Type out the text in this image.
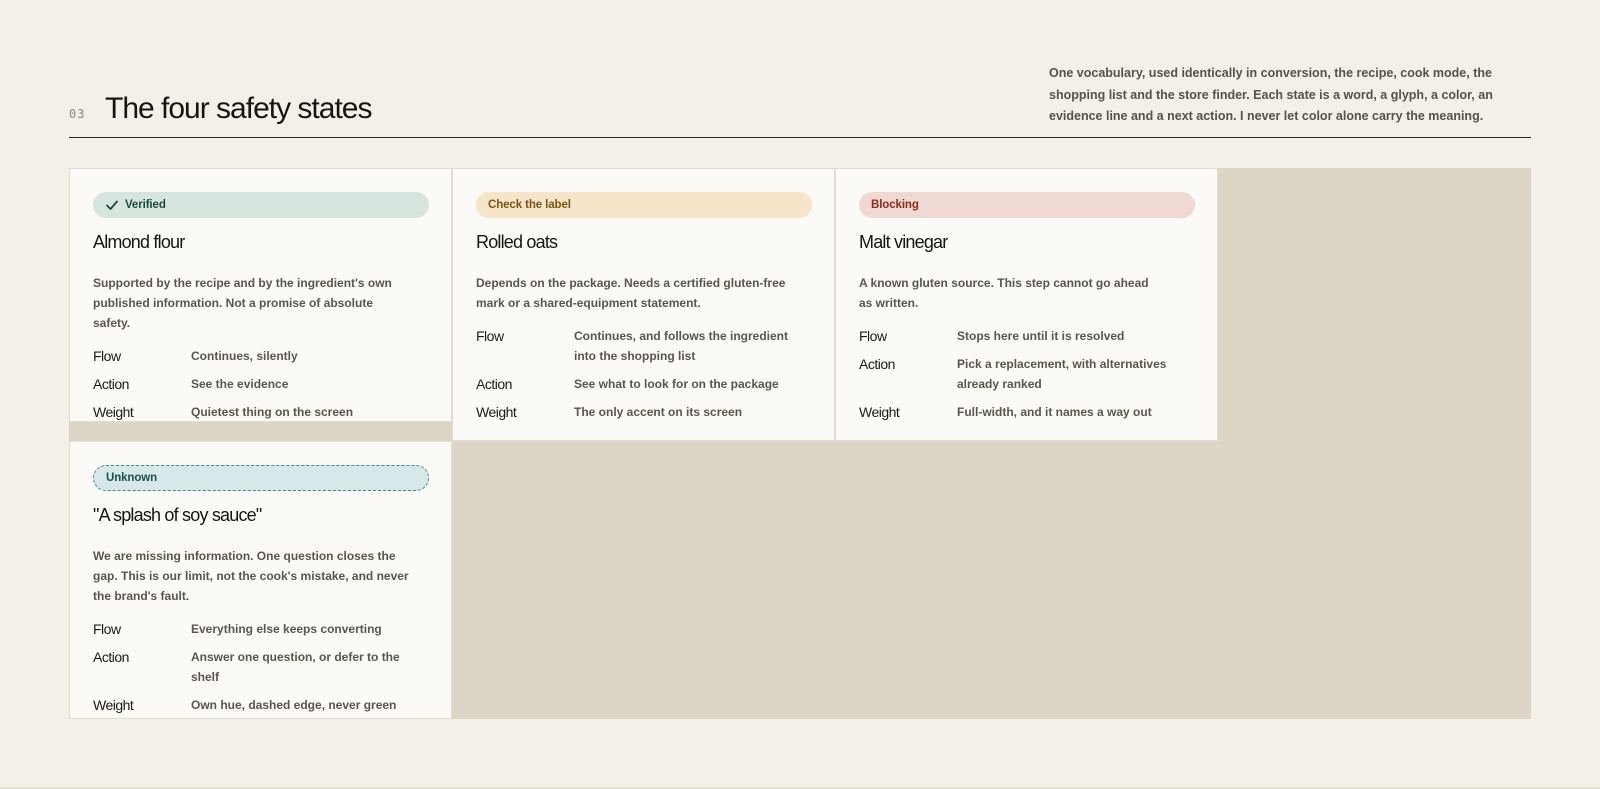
03 The four safety states

One vocabulary, used identically in conversion, the recipe, cook mode, the shopping list and the store finder. Each state is a word, a glyph, a color, an evidence line and a next action. I never let color alone carry the meaning.

Verified
Almond flour

Supported by the recipe and by the ingredient's own published information. Not a promise of absolute safety.

Flow	Continues, silently
Action	See the evidence
Weight	Quietest thing on the screen
Check the label
Rolled oats

Depends on the package. Needs a certified gluten-free mark or a shared-equipment statement.

Flow	Continues, and follows the ingredient into the shopping list
Action	See what to look for on the package
Weight	The only accent on its screen
Blocking
Malt vinegar

A known gluten source. This step cannot go ahead as written.

Flow	Stops here until it is resolved
Action	Pick a replacement, with alternatives already ranked
Weight	Full-width, and it names a way out
Unknown
"A splash of soy sauce"

We are missing information. One question closes the gap. This is our limit, not the cook's mistake, and never the brand's fault.

Flow	Everything else keeps converting
Action	Answer one question, or defer to the shelf
Weight	Own hue, dashed edge, never green
